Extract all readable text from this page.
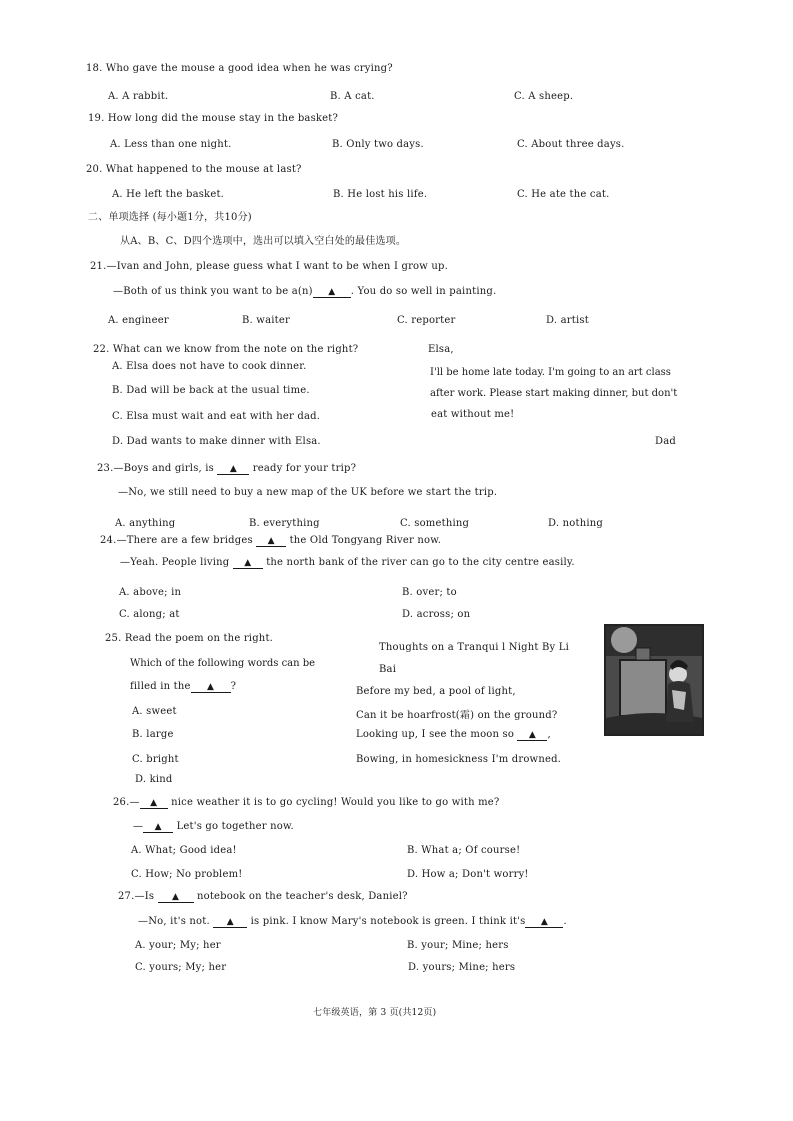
18. Who gave the mouse a good idea when he was crying?
A. A rabbit.	B. A cat.	C. A sheep.
19. How long did the mouse stay in the basket?
A. Less than one night.	B. Only two days.	C. About three days.
20. What happened to the mouse at last?
A. He left the basket.	B. He lost his life.	C. He ate the cat.
二、单项选择 (每小题1分，共10分)
从A、B、C、D四个选项中，选出可以填入空白处的最佳选项。
21.—Ivan and John, please guess what I want to be when I grow up.
—Both of us think you want to be a(n) ▲ . You do so well in painting.
A. engineer	B. waiter	C. reporter	D. artist
22. What can we know from the note on the right?
A. Elsa does not have to cook dinner.
B. Dad will be back at the usual time.
C. Elsa must wait and eat with her dad.
D. Dad wants to make dinner with Elsa.
Elsa,
I'll be home late today. I'm going to an art class
after work. Please start making dinner, but don't
eat without me!
Dad
23.—Boys and girls, is ▲ ready for your trip?
—No, we still need to buy a new map of the UK before we start the trip.
A. anything	B. everything	C. something	D. nothing
24.—There are a few bridges ▲ the Old Tongyang River now.
—Yeah. People living ▲ the north bank of the river can go to the city centre easily.
A. above; in	B. over; to
C. along; at	D. across; on
25. Read the poem on the right.
Which of the following words can be
filled in the ▲ ?
A. sweet
B. large
C. bright
D. kind
Thoughts on a Tranqui l Night By Li
Bai
Before my bed, a pool of light,
Can it be hoarfrost(霜) on the ground?
Looking up, I see the moon so ▲ ,
Bowing, in homesickness I'm drowned.
26.— ▲ nice weather it is to go cycling! Would you like to go with me?
— ▲ Let's go together now.
A. What; Good idea!	B. What a; Of course!
C. How; No problem!	D. How a; Don't worry!
27.—Is ▲ notebook on the teacher's desk, Daniel?
—No, it's not. ▲ is pink. I know Mary's notebook is green. I think it's ▲ .
A. your; My; her	B. your; Mine; hers
C. yours; My; her	D. yours; Mine; hers
七年级英语，第 3 页(共12页)
